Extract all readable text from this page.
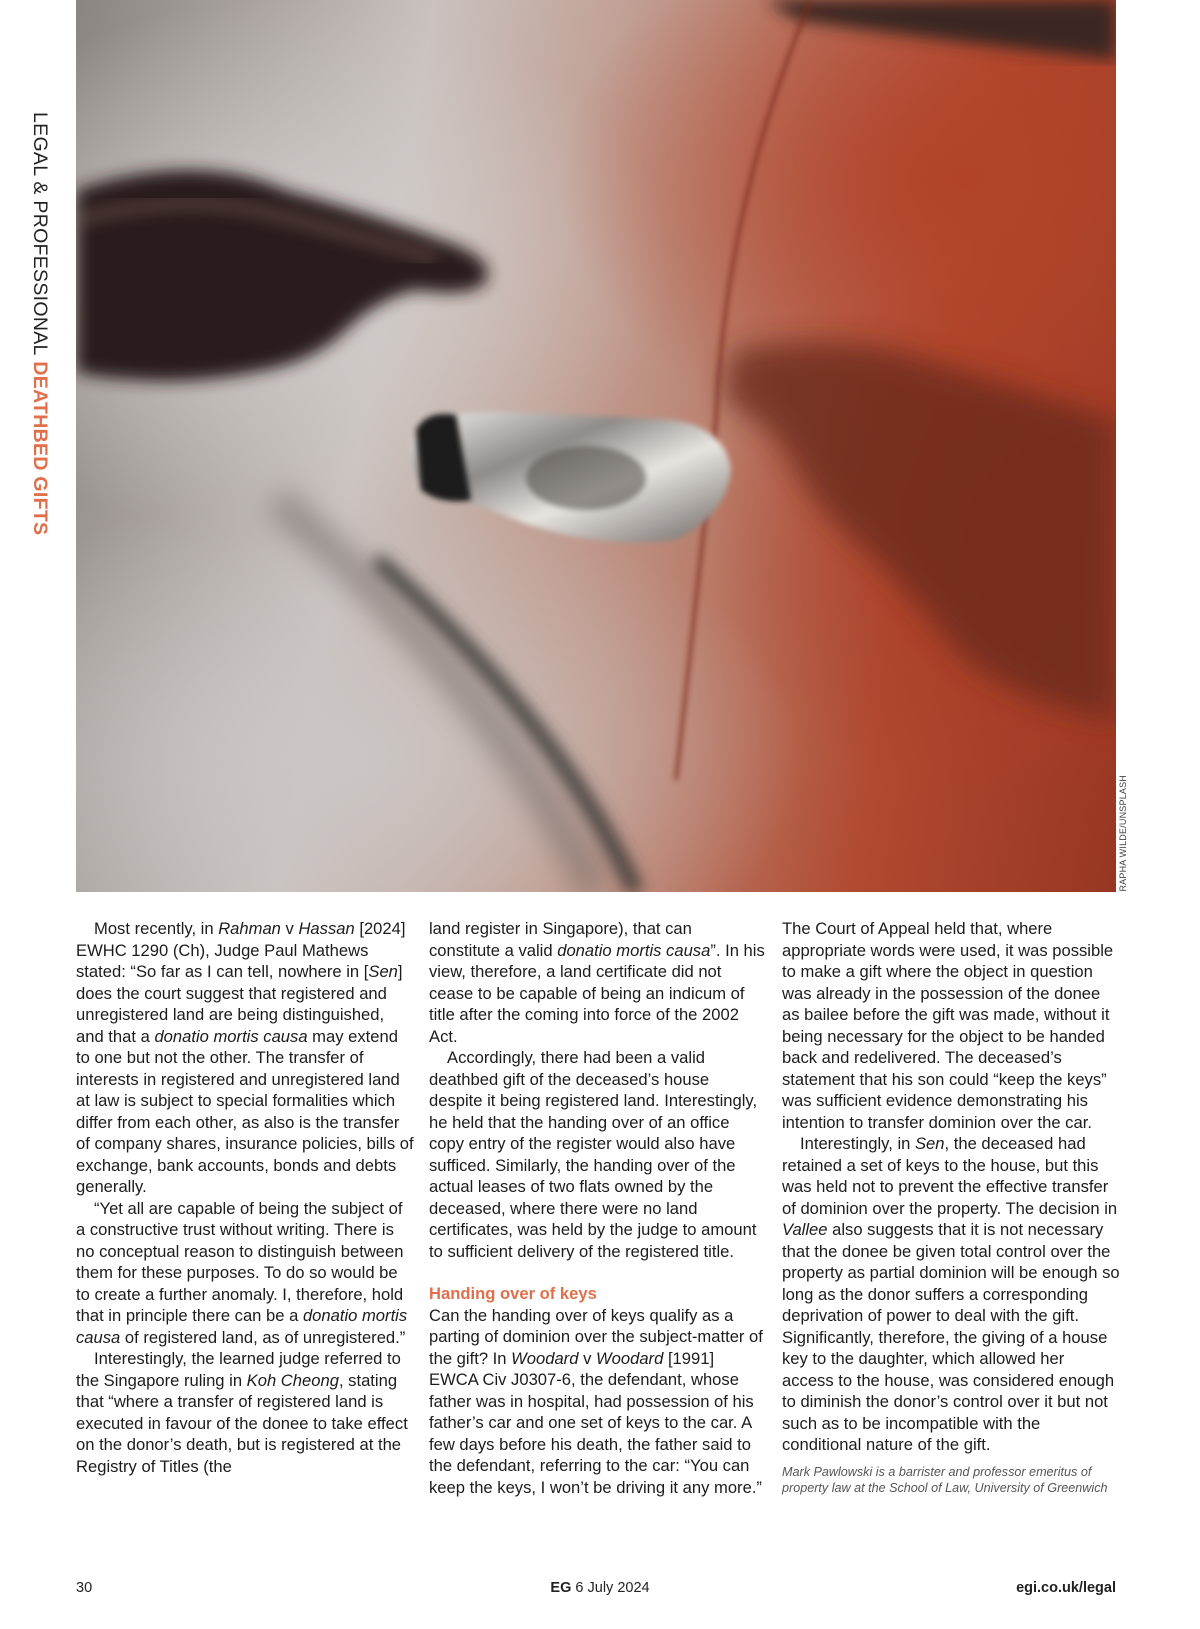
LEGAL & PROFESSIONAL DEATHBED GIFTS
RAPHA WILDE/UNSPLASH

Most recently, in Rahman v Hassan [2024] EWHC 1290 (Ch), Judge Paul Mathews stated: “So far as I can tell, nowhere in [Sen] does the court suggest that registered and unregistered land are being distinguished, and that a donatio mortis causa may extend to one but not the other. The transfer of interests in registered and unregistered land at law is subject to special formalities which differ from each other, as also is the transfer of company shares, insurance policies, bills of exchange, bank accounts, bonds and debts generally.

“Yet all are capable of being the subject of a constructive trust without writing. There is no conceptual reason to distinguish between them for these purposes. To do so would be to create a further anomaly. I, therefore, hold that in principle there can be a donatio mortis causa of registered land, as of unregistered.”

Interestingly, the learned judge referred to the Singapore ruling in Koh Cheong, stating that “where a transfer of registered land is executed in favour of the donee to take effect on the donor’s death, but is registered at the Registry of Titles (the

land register in Singapore), that can constitute a valid donatio mortis causa”. In his view, therefore, a land certificate did not cease to be capable of being an indicum of title after the coming into force of the 2002 Act.

Accordingly, there had been a valid deathbed gift of the deceased’s house despite it being registered land. Interestingly, he held that the handing over of an office copy entry of the register would also have sufficed. Similarly, the handing over of the actual leases of two flats owned by the deceased, where there were no land certificates, was held by the judge to amount to sufficient delivery of the registered title.

Handing over of keys

Can the handing over of keys qualify as a parting of dominion over the subject-matter of the gift? In Woodard v Woodard [1991] EWCA Civ J0307-6, the defendant, whose father was in hospital, had possession of his father’s car and one set of keys to the car. A few days before his death, the father said to the defendant, referring to the car: “You can keep the keys, I won’t be driving it any more.”

The Court of Appeal held that, where appropriate words were used, it was possible to make a gift where the object in question was already in the possession of the donee as bailee before the gift was made, without it being necessary for the object to be handed back and redelivered. The deceased’s statement that his son could “keep the keys” was sufficient evidence demonstrating his intention to transfer dominion over the car.

Interestingly, in Sen, the deceased had retained a set of keys to the house, but this was held not to prevent the effective transfer of dominion over the property. The decision in Vallee also suggests that it is not necessary that the donee be given total control over the property as partial dominion will be enough so long as the donor suffers a corresponding deprivation of power to deal with the gift. Significantly, therefore, the giving of a house key to the daughter, which allowed her access to the house, was considered enough to diminish the donor’s control over it but not such as to be incompatible with the conditional nature of the gift.

Mark Pawlowski is a barrister and professor emeritus of property law at the School of Law, University of Greenwich
30	EG 6 July 2024	egi.co.uk/legal
